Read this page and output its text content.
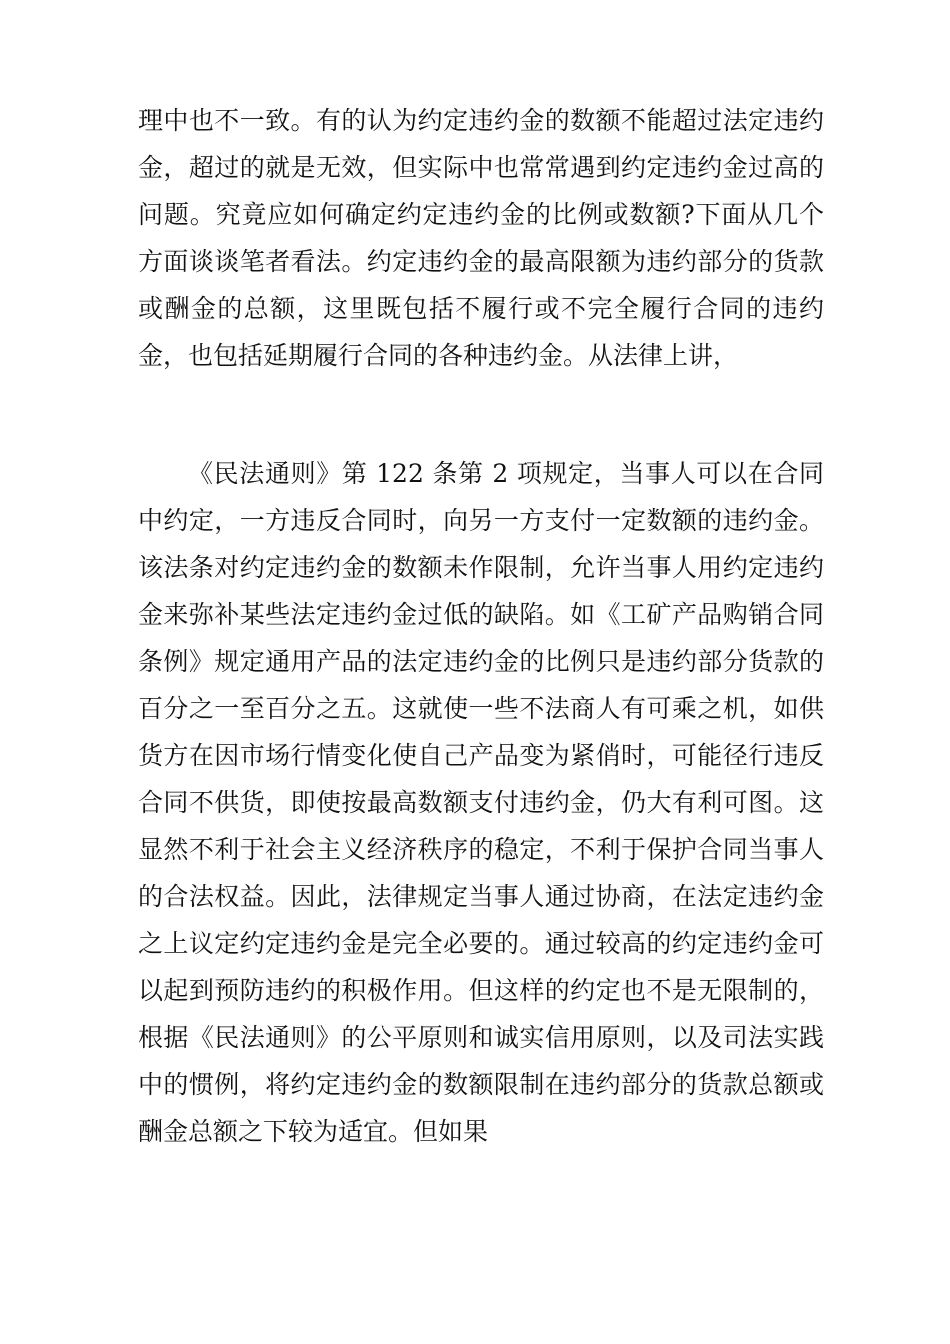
理中也不一致。有的认为约定违约金的数额不能超过法定违约金，超过的就是无效，但实际中也常常遇到约定违约金过高的问题。究竟应如何确定约定违约金的比例或数额?下面从几个方面谈谈笔者看法。约定违约金的最高限额为违约部分的货款或酬金的总额，这里既包括不履行或不完全履行合同的违约金，也包括延期履行合同的各种违约金。从法律上讲，

《民法通则》第 122 条第 2 项规定，当事人可以在合同中约定，一方违反合同时，向另一方支付一定数额的违约金。该法条对约定违约金的数额未作限制，允许当事人用约定违约金来弥补某些法定违约金过低的缺陷。如《工矿产品购销合同条例》规定通用产品的法定违约金的比例只是违约部分货款的百分之一至百分之五。这就使一些不法商人有可乘之机，如供货方在因市场行情变化使自己产品变为紧俏时，可能径行违反合同不供货，即使按最高数额支付违约金，仍大有利可图。这显然不利于社会主义经济秩序的稳定，不利于保护合同当事人的合法权益。因此，法律规定当事人通过协商，在法定违约金之上议定约定违约金是完全必要的。通过较高的约定违约金可以起到预防违约的积极作用。但这样的约定也不是无限制的，根据《民法通则》的公平原则和诚实信用原则，以及司法实践中的惯例，将约定违约金的数额限制在违约部分的货款总额或酬金总额之下较为适宜。但如果
